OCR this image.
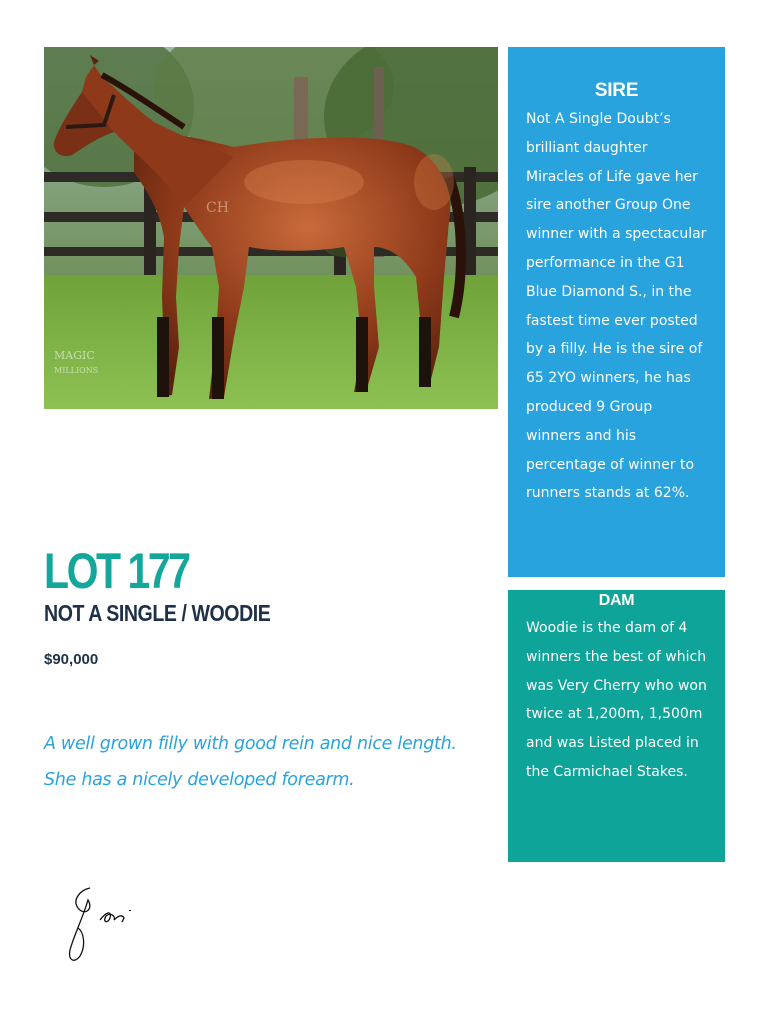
CH
MAGIC
MILLIONS
SIRE
Not A Single Doubt’s brilliant daughter Miracles of Life gave her sire another Group One winner with a spectacular performance in the G1 Blue Diamond S., in the fastest time ever posted by a filly. He is the sire of 65 2YO winners, he has produced 9 Group winners and his percentage of winner to runners stands at 62%.
DAM
Woodie is the dam of 4 winners the best of which was Very Cherry who won twice at 1,200m, 1,500m and was Listed placed in the Carmichael Stakes.
LOT 177
NOT A SINGLE / WOODIE
$90,000
A well grown filly with good rein and nice length.
She has a nicely developed forearm.
